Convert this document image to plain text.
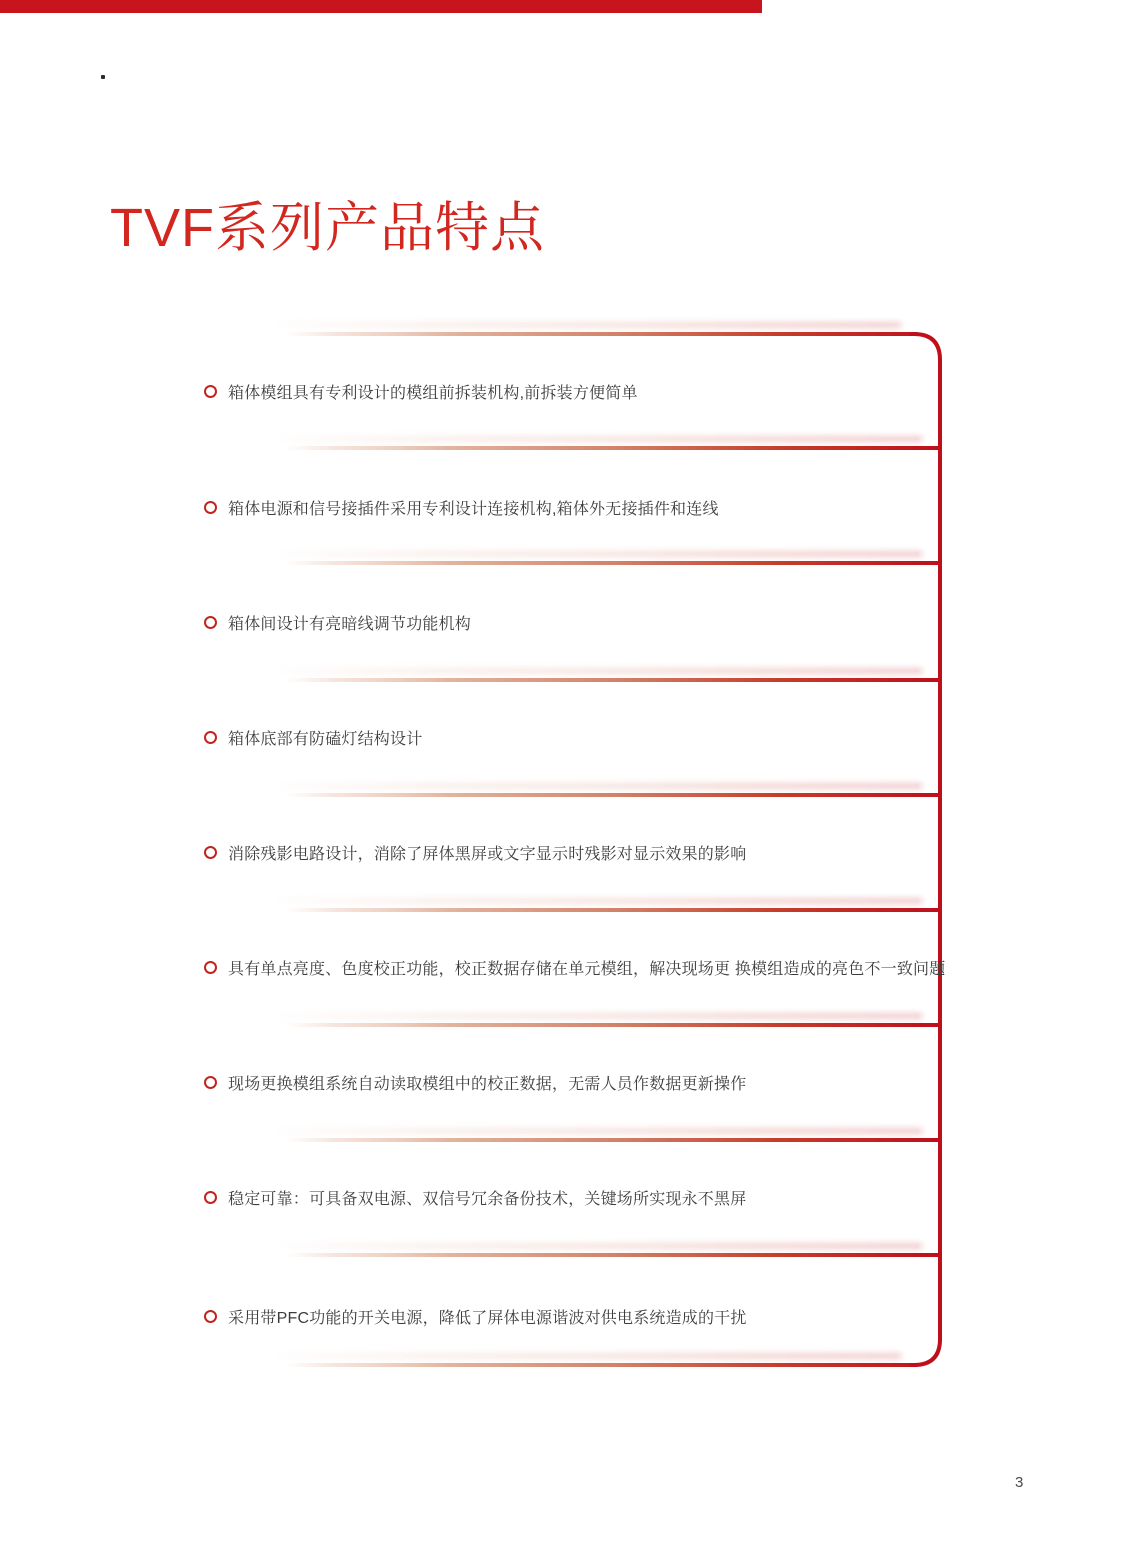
TVF系列产品特点
箱体模组具有专利设计的模组前拆装机构,前拆装方便简单
箱体电源和信号接插件采用专利设计连接机构,箱体外无接插件和连线
箱体间设计有亮暗线调节功能机构
箱体底部有防磕灯结构设计
消除残影电路设计，消除了屏体黑屏或文字显示时残影对显示效果的影响
具有单点亮度、色度校正功能，校正数据存储在单元模组，解决现场更 换模组造成的亮色不一致问题
现场更换模组系统自动读取模组中的校正数据，无需人员作数据更新操作
稳定可靠：可具备双电源、双信号冗余备份技术，关键场所实现永不黑屏
采用带PFC功能的开关电源，降低了屏体电源谐波对供电系统造成的干扰
3
